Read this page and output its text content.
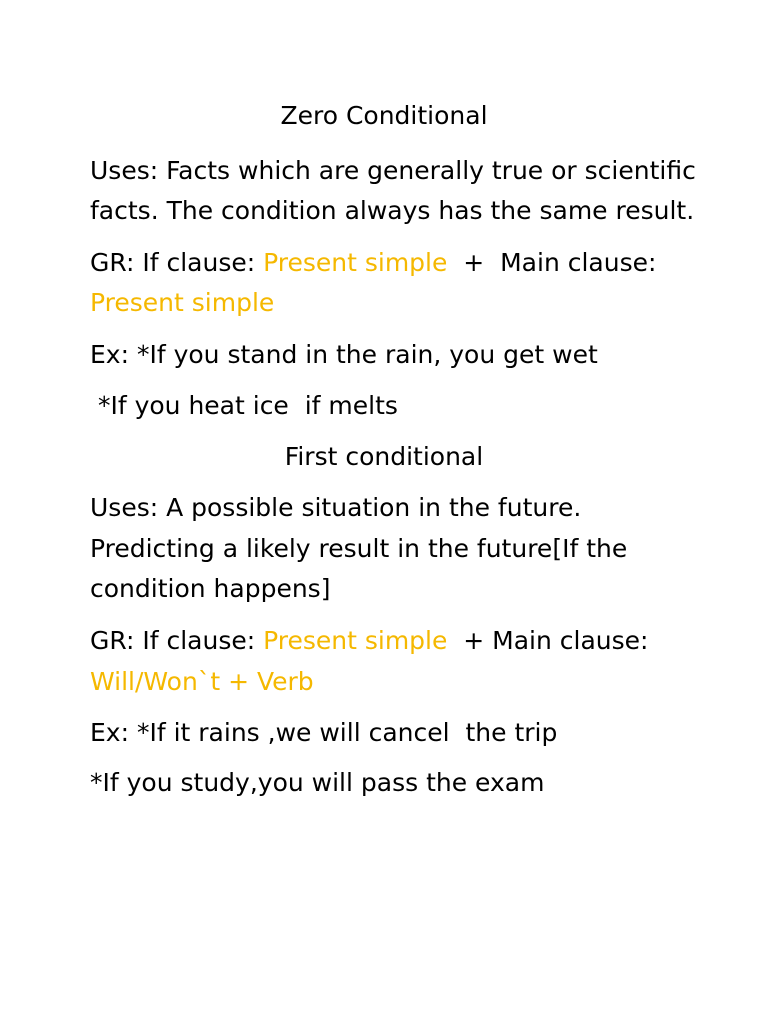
Zero Conditional
Uses: Facts which are generally true or scientific
facts. The condition always has the same result.
GR: If clause: Present simple  +  Main clause:
Present simple
Ex: *If you stand in the rain, you get wet
*If you heat ice  if melts
First conditional
Uses: A possible situation in the future.
Predicting a likely result in the future[If the
condition happens]
GR: If clause: Present simple  + Main clause:
Will/Won`t + Verb
Ex: *If it rains ,we will cancel  the trip
*If you study,you will pass the exam
